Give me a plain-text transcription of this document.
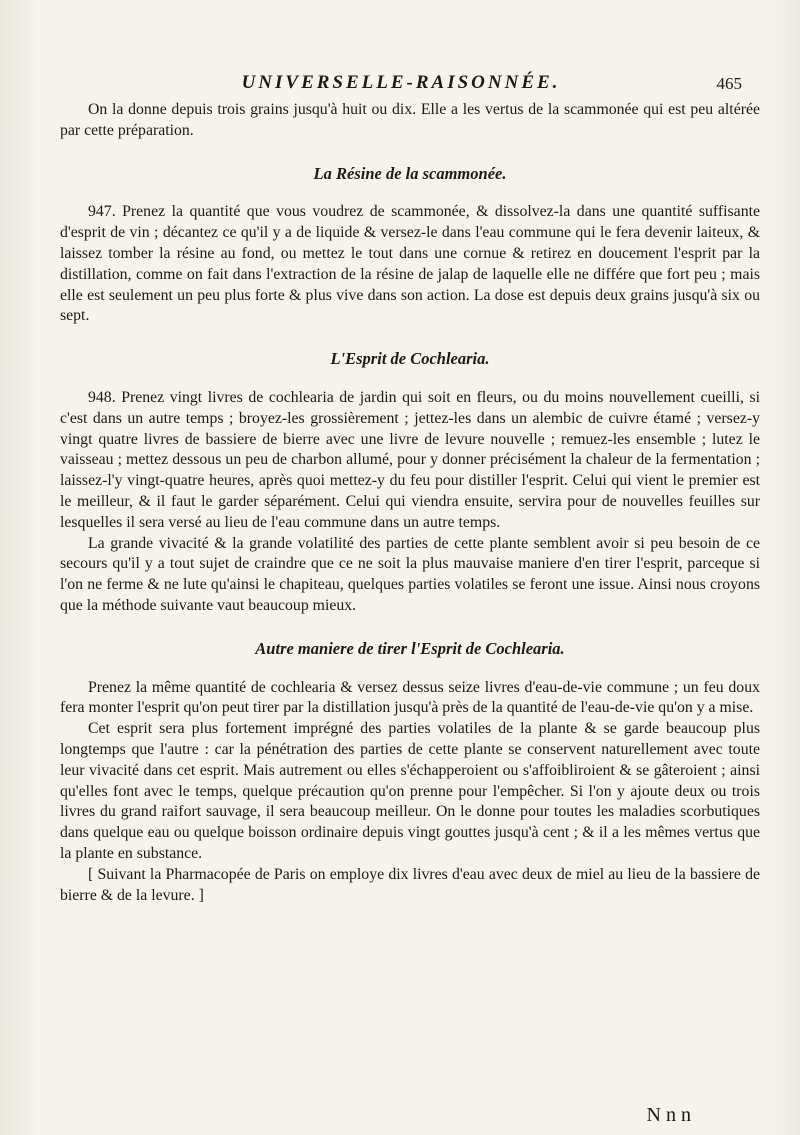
UNIVERSELLE-RAISONNÉE.	465

On la donne depuis trois grains jusqu'à huit ou dix. Elle a les vertus de la scammonée qui est peu altérée par cette préparation.

La Résine de la scammonée.

947. Prenez la quantité que vous voudrez de scammonée, & dissolvez-la dans une quantité suffisante d'esprit de vin ; décantez ce qu'il y a de liquide & versez-le dans l'eau commune qui le fera devenir laiteux, & laissez tomber la résine au fond, ou mettez le tout dans une cornue & retirez en doucement l'esprit par la distillation, comme on fait dans l'extraction de la résine de jalap de laquelle elle ne différe que fort peu ; mais elle est seulement un peu plus forte & plus vive dans son action. La dose est depuis deux grains jusqu'à six ou sept.

L'Esprit de Cochlearia.

948. Prenez vingt livres de cochlearia de jardin qui soit en fleurs, ou du moins nouvellement cueilli, si c'est dans un autre temps ; broyez-les grossièrement ; jettez-les dans un alembic de cuivre étamé ; versez-y vingt quatre livres de bassiere de bierre avec une livre de levure nouvelle ; remuez-les ensemble ; lutez le vaisseau ; mettez dessous un peu de charbon allumé, pour y donner précisément la chaleur de la fermentation ; laissez-l'y vingt-quatre heures, après quoi mettez-y du feu pour distiller l'esprit. Celui qui vient le premier est le meilleur, & il faut le garder séparément. Celui qui viendra ensuite, servira pour de nouvelles feuilles sur lesquelles il sera versé au lieu de l'eau commune dans un autre temps.

La grande vivacité & la grande volatilité des parties de cette plante semblent avoir si peu besoin de ce secours qu'il y a tout sujet de craindre que ce ne soit la plus mauvaise maniere d'en tirer l'esprit, parceque si l'on ne ferme & ne lute qu'ainsi le chapiteau, quelques parties volatiles se feront une issue. Ainsi nous croyons que la méthode suivante vaut beaucoup mieux.

Autre maniere de tirer l'Esprit de Cochlearia.

Prenez la même quantité de cochlearia & versez dessus seize livres d'eau-de-vie commune ; un feu doux fera monter l'esprit qu'on peut tirer par la distillation jusqu'à près de la quantité de l'eau-de-vie qu'on y a mise.

Cet esprit sera plus fortement imprégné des parties volatiles de la plante & se garde beaucoup plus longtemps que l'autre : car la pénétration des parties de cette plante se conservent naturellement avec toute leur vivacité dans cet esprit. Mais autrement ou elles s'échapperoient ou s'affoibliroient & se gâteroient ; ainsi qu'elles font avec le temps, quelque précaution qu'on prenne pour l'empêcher. Si l'on y ajoute deux ou trois livres du grand raifort sauvage, il sera beaucoup meilleur. On le donne pour toutes les maladies scorbutiques dans quelque eau ou quelque boisson ordinaire depuis vingt gouttes jusqu'à cent ; & il a les mêmes vertus que la plante en substance.

[ Suivant la Pharmacopée de Paris on employe dix livres d'eau avec deux de miel au lieu de la bassiere de bierre & de la levure. ]

Nnn
